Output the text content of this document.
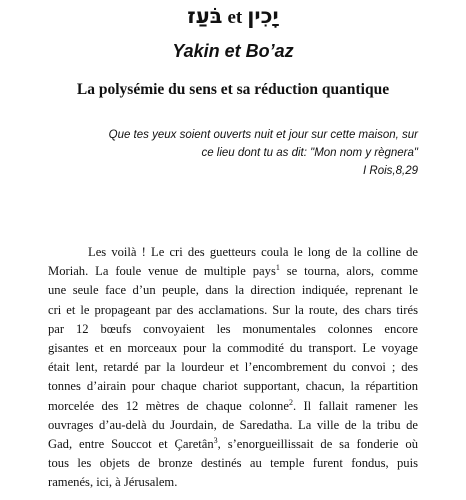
בֹּעַז et יָכִין
Yakin et Bo’az
La polysémie du sens et sa réduction quantique
Que tes yeux soient ouverts nuit et jour sur cette maison, sur
ce lieu dont tu as dit: "Mon nom y règnera"
I Rois,8,29
Les voilà ! Le cri des guetteurs coula le long de la colline de
Moriah. La foule venue de multiple pays$^1$ se tourna, alors, comme
une seule face d’un peuple, dans la direction indiquée, reprenant le
cri et le propageant par des acclamations. Sur la route, des chars tirés
par 12 bœufs convoyaient les monumentales colonnes encore
gisantes et en morceaux pour la commodité du transport. Le voyage
était lent, retardé par la lourdeur et l’encombrement du convoi ; des
tonnes d’airain pour chaque chariot supportant, chacun, la répartition
morcelée des 12 mètres de chaque colonne$^2$. Il fallait ramener les
ouvrages d’au-delà du Jourdain, de Saredatha. La ville de la tribu de
Gad, entre Souccot et Çaretân$^3$, s’enorgueillissait de sa fonderie où
tous les objets de bronze destinés au temple furent fondus, puis
ramenés, ici, à Jérusalem.
